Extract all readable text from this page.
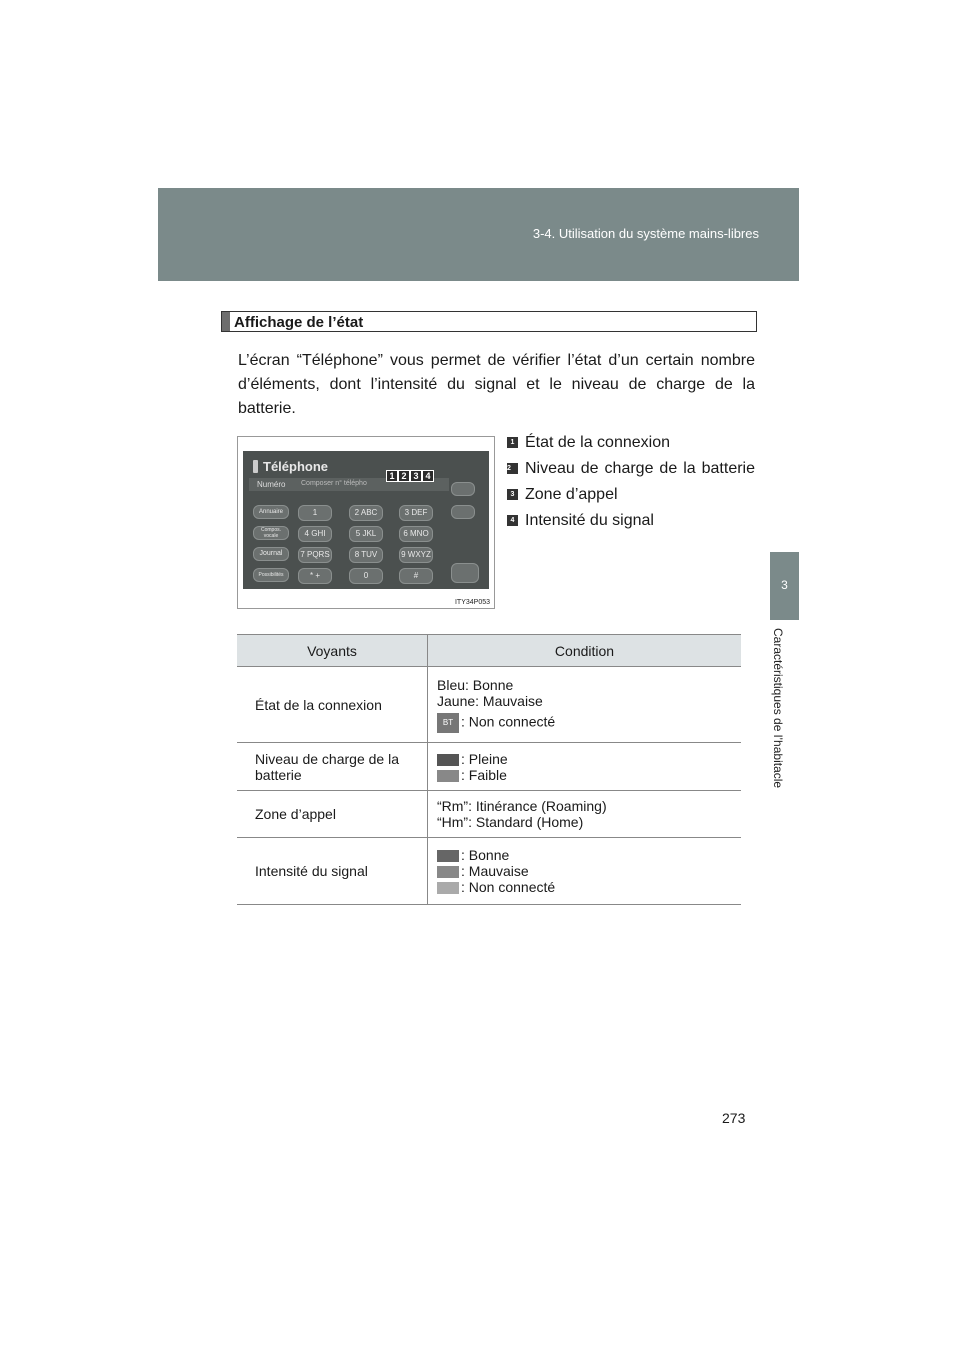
3-4. Utilisation du système mains-libres
3
Caractéristiques de l’habitacle
Affichage de l’état

L’écran “Téléphone” vous permet de vérifier l’état d’un certain nombre d’éléments, dont l’intensité du signal et le niveau de charge de la batterie.

Téléphone
Numéro Composer n° télépho
1 2 3 4
Annuaire
Compos. vocale
Journal
Possibilités
1	2 ABC	3 DEF
4 GHI	5 JKL	6 MNO
7 PQRS	8 TUV	9 WXYZ
* +	0	#
ITY34P053
1 État de la connexion
2 Niveau de charge de la batterie
3 Zone d’appel
4 Intensité du signal
Voyants	Condition
État de la connexion	Bleu: Bonne
Jaune: Mauvaise
BT : Non connecté

Niveau de charge de la batterie	: Pleine
: Faible

Zone d’appel	“Rm”: Itinérance (Roaming)
“Hm”: Standard (Home)

Intensité du signal	: Bonne
: Mauvaise
: Non connecté
273
